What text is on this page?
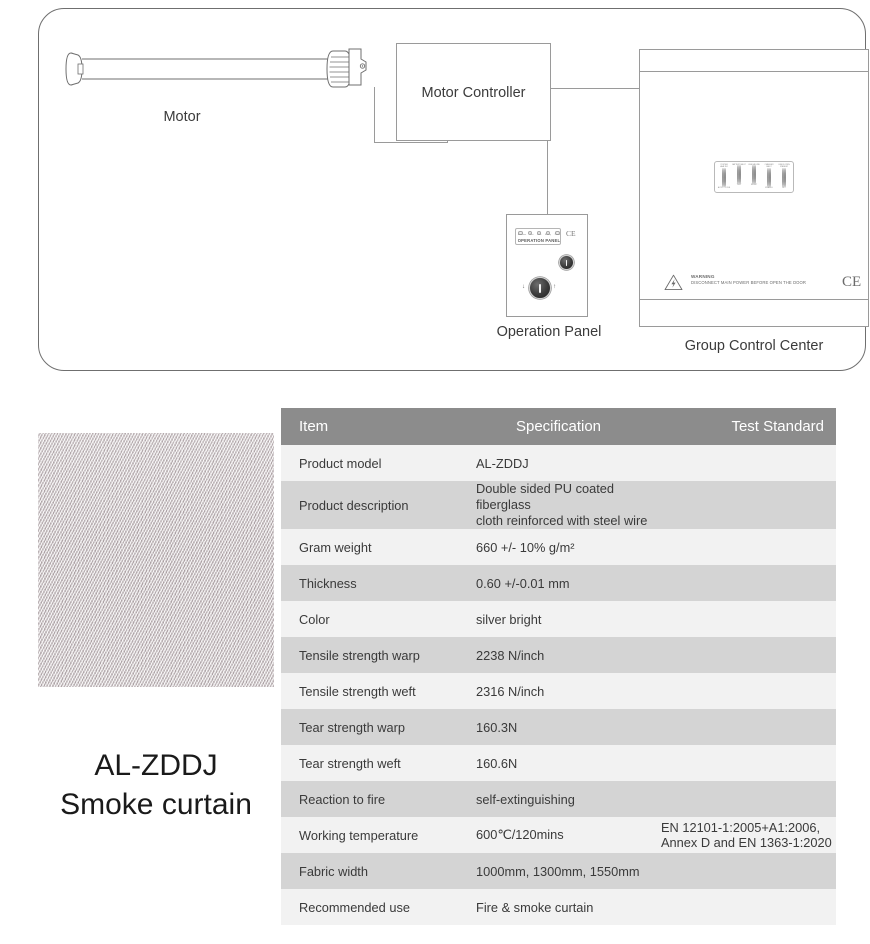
Motor
Motor Controller
Autoclose Test Fault Battery Power
OPERATION PANEL
CE
↓	↑
Operation Panel
SYSTEM HEALTHY
AUTO CLOSE
BATTERY FAULT
TEST
LINE FAILURE
RESET
CHARGER FAULT
ENABLE
LINE IS OPEN STANDBY
SET
WARNING
DISCONNECT MAIN POWER BEFORE OPEN THE DOOR CE
Group Control Center
AL-ZDDJ
Smoke curtain
Item	Specification	Test Standard
Product model	AL-ZDDJ	
Product description	Double sided PU coated fiberglass
cloth reinforced with steel wire	
Gram weight	660 +/- 10% g/m²	
Thickness	0.60 +/-0.01 mm	
Color	silver bright	
Tensile strength warp	2238 N/inch	
Tensile strength weft	2316 N/inch	
Tear strength warp	160.3N	
Tear strength weft	160.6N	
Reaction to fire	self-extinguishing	
Working temperature	600℃/120mins	EN 12101-1:2005+A1:2006,
Annex D and EN 1363-1:2020
Fabric width	1000mm, 1300mm, 1550mm	
Recommended use	Fire & smoke curtain	
